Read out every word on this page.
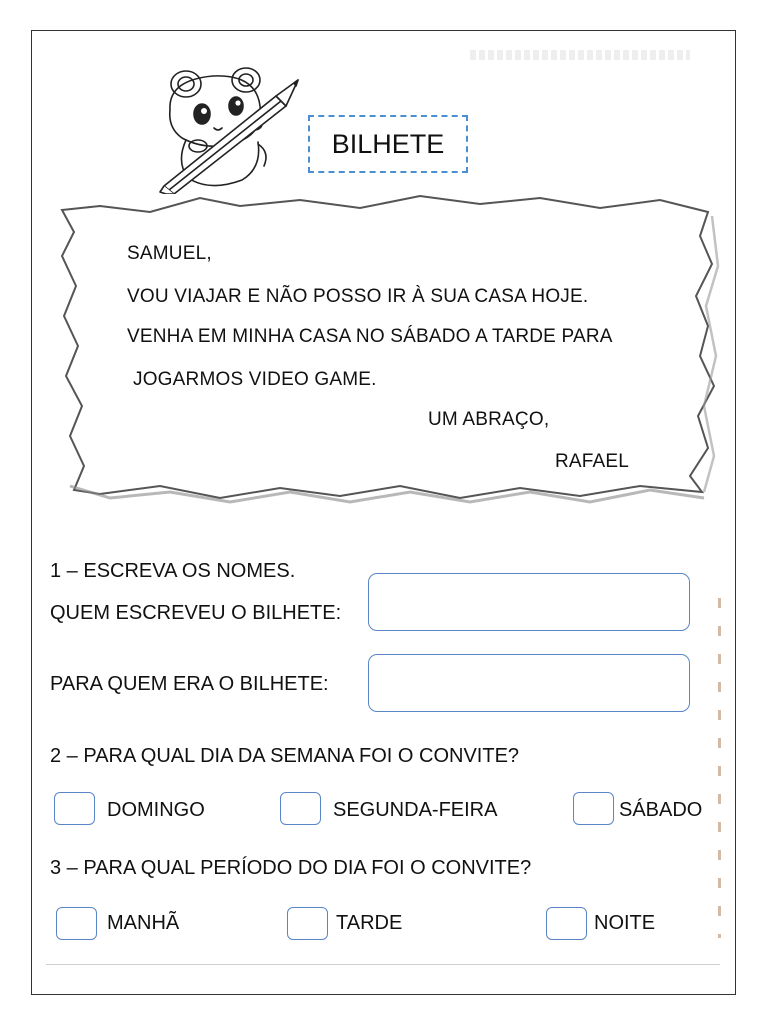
BILHETE
SAMUEL,
VOU VIAJAR E NÃO POSSO IR À SUA CASA HOJE.
VENHA EM MINHA CASA NO SÁBADO A TARDE PARA
JOGARMOS VIDEO GAME.
UM ABRAÇO,
RAFAEL
1 – ESCREVA OS NOMES.
QUEM ESCREVEU O BILHETE:
PARA QUEM ERA O BILHETE:
2 – PARA QUAL DIA DA SEMANA FOI O CONVITE?
DOMINGO	SEGUNDA-FEIRA	SÁBADO
3 – PARA QUAL PERÍODO DO DIA FOI O CONVITE?
MANHÃ	TARDE	NOITE
